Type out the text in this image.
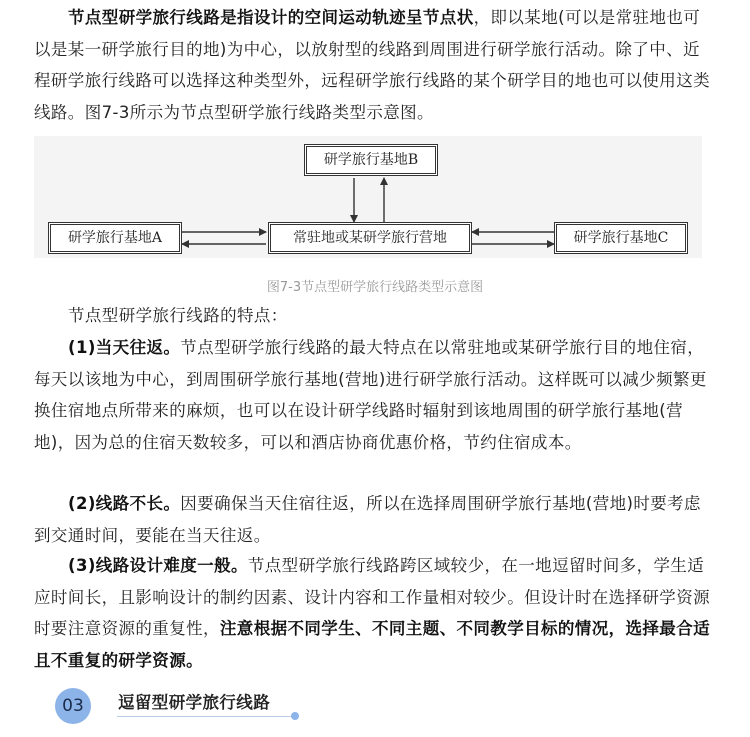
节点型研学旅行线路是指设计的空间运动轨迹呈节点状，即以某地(可以是常驻地也可以是某一研学旅行目的地)为中心，以放射型的线路到周围进行研学旅行活动。除了中、近程研学旅行线路可以选择这种类型外，远程研学旅行线路的某个研学目的地也可以使用这类线路。图7-3所示为节点型研学旅行线路类型示意图。

研学旅行基地B
研学旅行基地A	常驻地或某研学旅行营地	研学旅行基地C
图7-3节点型研学旅行线路类型示意图

节点型研学旅行线路的特点：

(1)当天往返。节点型研学旅行线路的最大特点在以常驻地或某研学旅行目的地住宿，每天以该地为中心，到周围研学旅行基地(营地)进行研学旅行活动。这样既可以减少频繁更换住宿地点所带来的麻烦，也可以在设计研学线路时辐射到该地周围的研学旅行基地(营地)，因为总的住宿天数较多，可以和酒店协商优惠价格，节约住宿成本。

(2)线路不长。因要确保当天住宿往返，所以在选择周围研学旅行基地(营地)时要考虑到交通时间，要能在当天往返。

(3)线路设计难度一般。节点型研学旅行线路跨区域较少，在一地逗留时间多，学生适应时间长，且影响设计的制约因素、设计内容和工作量相对较少。但设计时在选择研学资源时要注意资源的重复性，注意根据不同学生、不同主题、不同教学目标的情况，选择最合适且不重复的研学资源。

03	逗留型研学旅行线路
